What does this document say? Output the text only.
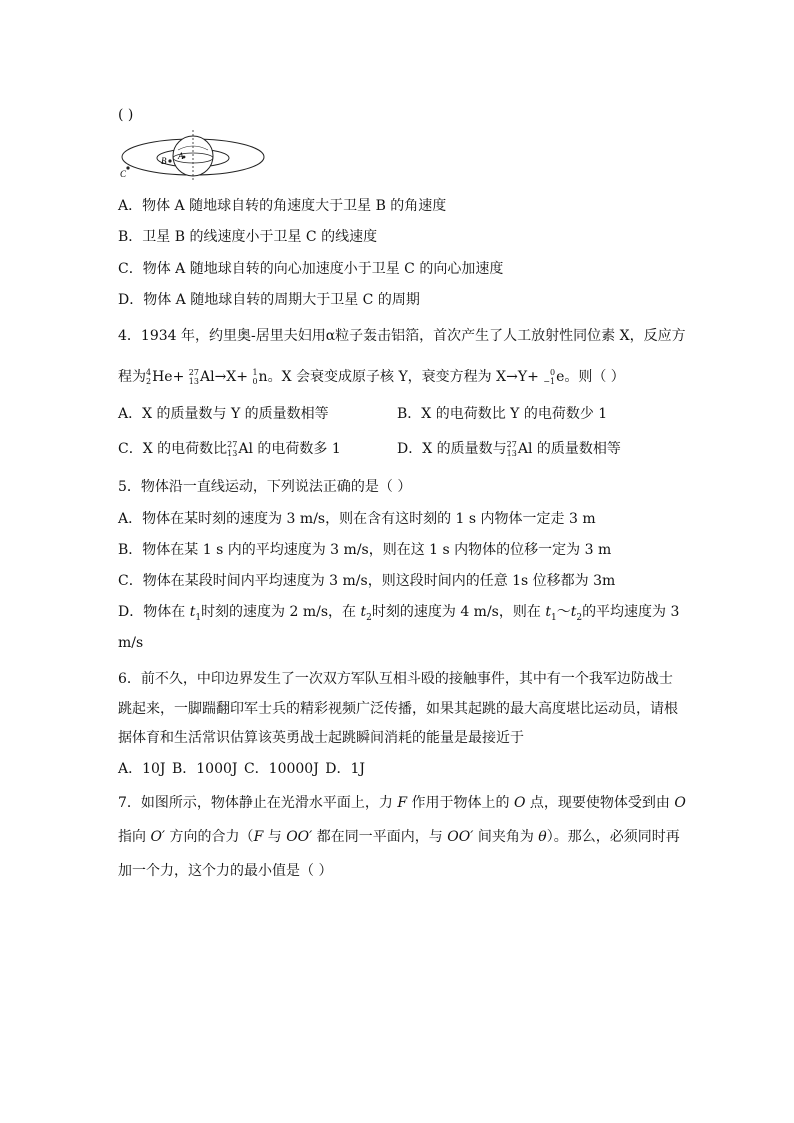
( )
B A
C
A．物体 A 随地球自转的角速度大于卫星 B 的角速度
B．卫星 B 的线速度小于卫星 C 的线速度
C．物体 A 随地球自转的向心加速度小于卫星 C 的向心加速度
D．物体 A 随地球自转的周期大于卫星 C 的周期
4．1934 年，约里奥-居里夫妇用α粒子轰击铝箔，首次产生了人工放射性同位素 X，反应方
程为 4
2 He+ 27
13 Al→X+ 1
0 n。X 会衰变成原子核 Y，衰变方程为 X→Y+ 0
−1 e。则（ ）
A．X 的质量数与 Y 的质量数相等	B．X 的电荷数比 Y 的电荷数少 1
C．X 的电荷数比 27
13 Al 的电荷数多 1	D．X 的质量数与 27
13 Al 的质量数相等
5．物体沿一直线运动，下列说法正确的是（ ）
A．物体在某时刻的速度为 3 m/s，则在含有这时刻的 1 s 内物体一定走 3 m
B．物体在某 1 s 内的平均速度为 3 m/s，则在这 1 s 内物体的位移一定为 3 m
C．物体在某段时间内平均速度为 3 m/s，则这段时间内的任意 1s 位移都为 3m
D．物体在 $t_1$时刻的速度为 2 m/s，在 $t_2$时刻的速度为 4 m/s，则在 $t_1\sim t_2$的平均速度为 3
m/s
6．前不久，中印边界发生了一次双方军队互相斗殴的接触事件，其中有一个我军边防战士
跳起来，一脚踹翻印军士兵的精彩视频广泛传播，如果其起跳的最大高度堪比运动员，请根
据体育和生活常识估算该英勇战士起跳瞬间消耗的能量是最接近于
A．10J B．1000J C．10000J D．1J
7．如图所示，物体静止在光滑水平面上，力 F 作用于物体上的 O 点，现要使物体受到由 O
指向 O′ 方向的合力（F 与 OO′ 都在同一平面内，与 OO′ 间夹角为 θ）。那么，必须同时再
加一个力，这个力的最小值是（ ）
